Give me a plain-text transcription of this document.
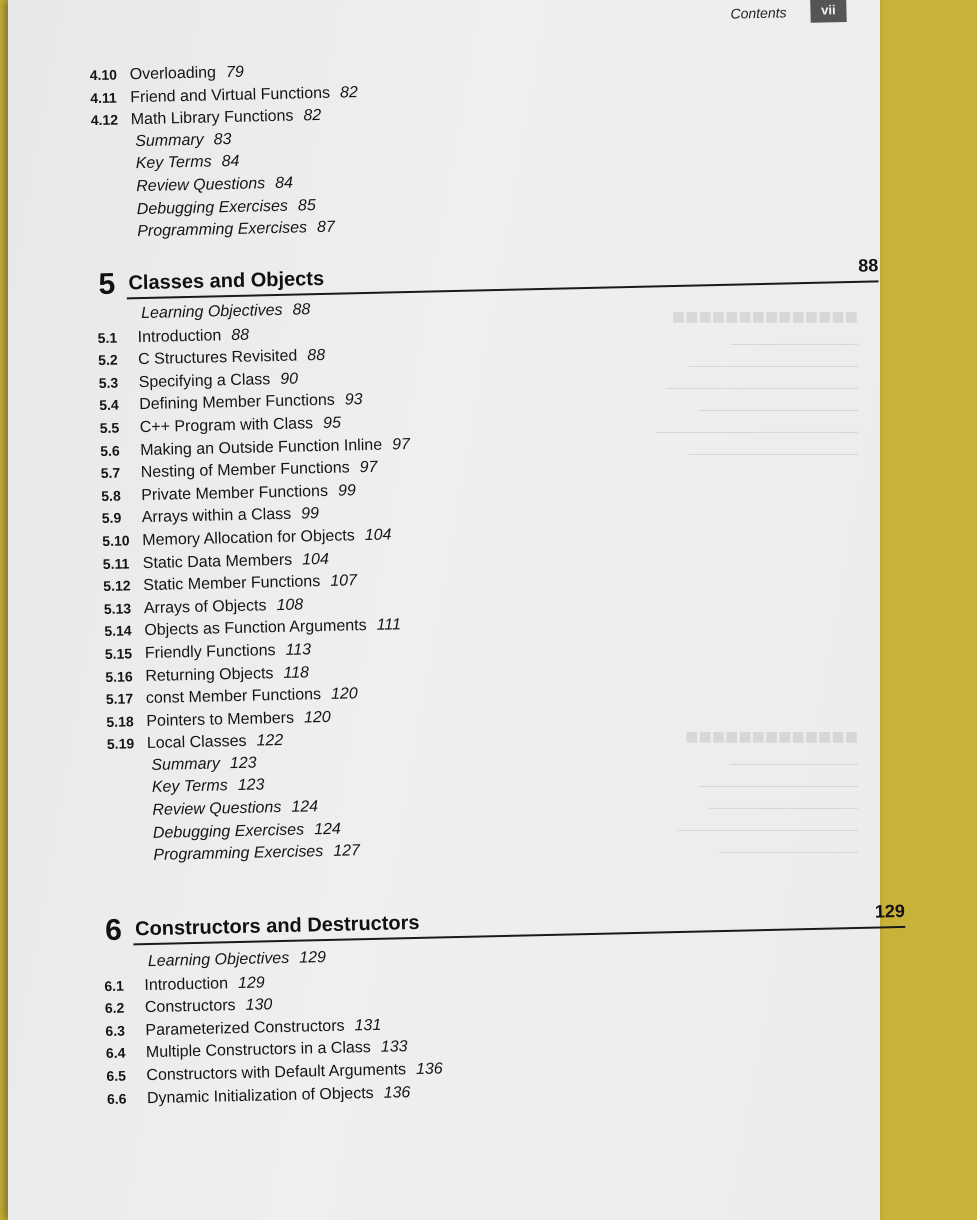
■■■■■■■■■■■■■■
────────────
────────────────
──────────────────
───────────────
───────────────────
────────────────
■■■■■■■■■■■■■
────────────
───────────────
──────────────
─────────────────
─────────────
Contents	vii
4.10 Overloading 79
4.11 Friend and Virtual Functions 82
4.12 Math Library Functions 82
Summary 83
Key Terms 84
Review Questions 84
Debugging Exercises 85
Programming Exercises 87
5 Classes and Objects
88
Learning Objectives 88
5.1 Introduction 88
5.2 C Structures Revisited 88
5.3 Specifying a Class 90
5.4 Defining Member Functions 93
5.5 C++ Program with Class 95
5.6 Making an Outside Function Inline 97
5.7 Nesting of Member Functions 97
5.8 Private Member Functions 99
5.9 Arrays within a Class 99
5.10 Memory Allocation for Objects 104
5.11 Static Data Members 104
5.12 Static Member Functions 107
5.13 Arrays of Objects 108
5.14 Objects as Function Arguments 111
5.15 Friendly Functions 113
5.16 Returning Objects 118
5.17 const Member Functions 120
5.18 Pointers to Members 120
5.19 Local Classes 122
Summary 123
Key Terms 123
Review Questions 124
Debugging Exercises 124
Programming Exercises 127
6 Constructors and Destructors
129
Learning Objectives 129
6.1 Introduction 129
6.2 Constructors 130
6.3 Parameterized Constructors 131
6.4 Multiple Constructors in a Class 133
6.5 Constructors with Default Arguments 136
6.6 Dynamic Initialization of Objects 136
